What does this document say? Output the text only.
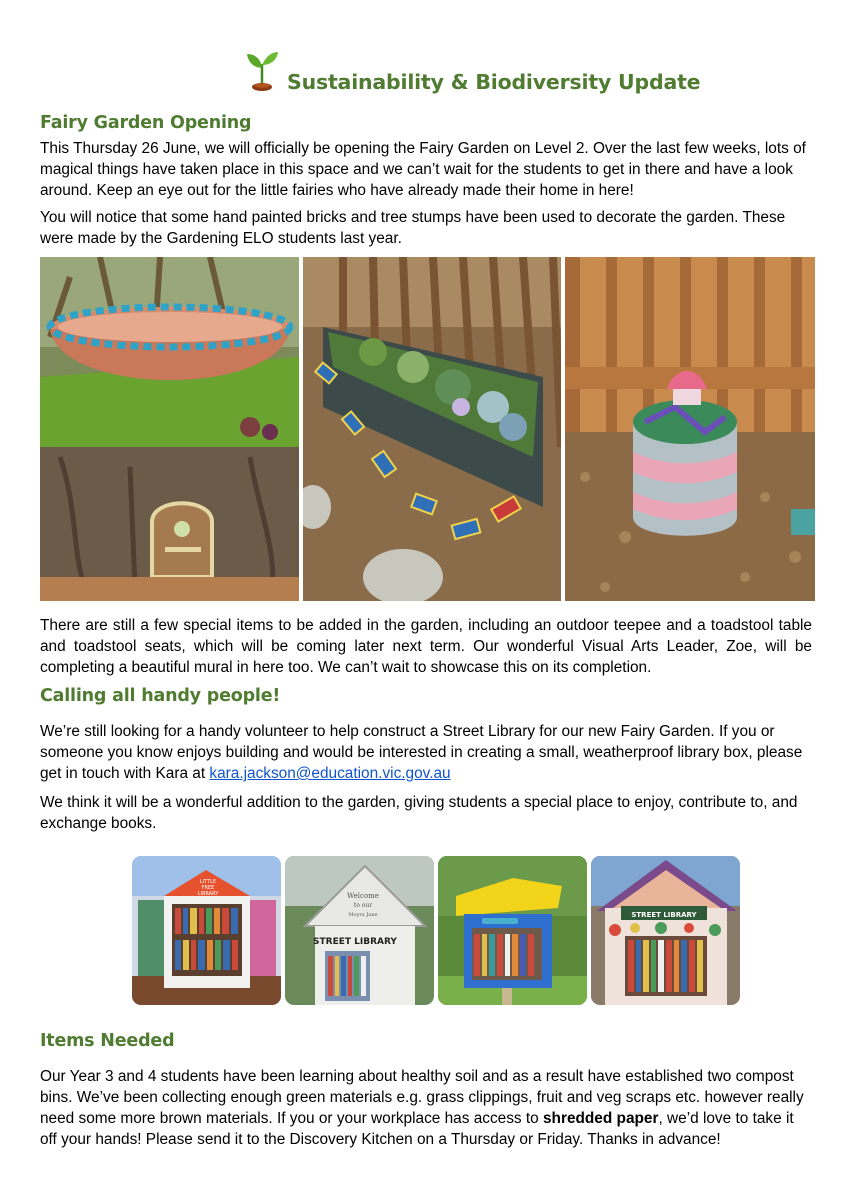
Sustainability & Biodiversity Update
Fairy Garden Opening

This Thursday 26 June, we will officially be opening the Fairy Garden on Level 2. Over the last few weeks, lots of magical things have taken place in this space and we can’t wait for the students to get in there and have a look around. Keep an eye out for the little fairies who have already made their home in here!

You will notice that some hand painted bricks and tree stumps have been used to decorate the garden. These were made by the Gardening ELO students last year.

There are still a few special items to be added in the garden, including an outdoor teepee and a toadstool table and toadstool seats, which will be coming later next term. Our wonderful Visual Arts Leader, Zoe, will be completing a beautiful mural in here too. We can’t wait to showcase this on its completion.

Calling all handy people!

We’re still looking for a handy volunteer to help construct a Street Library for our new Fairy Garden. If you or someone you know enjoys building and would be interested in creating a small, weatherproof library box, please get in touch with Kara at kara.jackson@education.vic.gov.au

We think it will be a wonderful addition to the garden, giving students a special place to enjoy, contribute to, and exchange books.

LITTLE
FREE
LIBRARY	Welcome
to our
Moyra Jane
STREET LIBRARY
STREET LIBRARY
Items Needed

Our Year 3 and 4 students have been learning about healthy soil and as a result have established two compost bins. We’ve been collecting enough green materials e.g. grass clippings, fruit and veg scraps etc. however really need some more brown materials. If you or your workplace has access to shredded paper, we’d love to take it off your hands! Please send it to the Discovery Kitchen on a Thursday or Friday. Thanks in advance!
